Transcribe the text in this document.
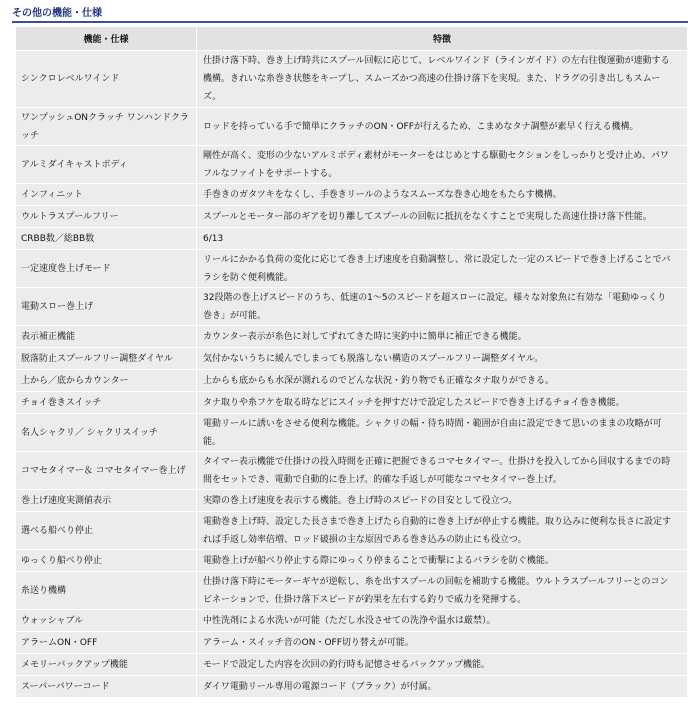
その他の機能・仕様
機能・仕様	特徴
シンクロレベルワインド	仕掛け落下時、巻き上げ時共にスプール回転に応じて、レベルワインド（ラインガイド）の左右往復運動が連動する機構。きれいな糸巻き状態をキープし、スムーズかつ高速の仕掛け落下を実現。また、ドラグの引き出しもスムーズ。
ワンプッシュONクラッチ ワンハンドクラッチ	ロッドを持っている手で簡単にクラッチのON・OFFが行えるため、こまめなタナ調整が素早く行える機構。
アルミダイキャストボディ	剛性が高く、変形の少ないアルミボディ素材がモーターをはじめとする駆動セクションをしっかりと受け止め、パワフルなファイトをサポートする。
インフィニット	手巻きのガタツキをなくし、手巻きリールのようなスムーズな巻き心地をもたらす機構。
ウルトラスプールフリー	スプールとモーター部のギアを切り離してスプールの回転に抵抗をなくすことで実現した高速仕掛け落下性能。
CRBB数／総BB数	6/13
一定速度巻上げモード	リールにかかる負荷の変化に応じて巻き上げ速度を自動調整し、常に設定した一定のスピードで巻き上げることでバラシを防ぐ便利機能。
電動スロー巻上げ	32段階の巻上げスピードのうち、低速の1〜5のスピードを超スローに設定。様々な対象魚に有効な「電動ゆっくり巻き」が可能。
表示補正機能	カウンター表示が糸色に対してずれてきた時に実釣中に簡単に補正できる機能。
脱落防止スプールフリー調整ダイヤル	気付かないうちに緩んでしまっても脱落しない構造のスプールフリー調整ダイヤル。
上から／底からカウンター	上からも底からも水深が測れるのでどんな状況・釣り物でも正確なタナ取りができる。
チョイ巻きスイッチ	タナ取りや糸フケを取る時などにスイッチを押すだけで設定したスピードで巻き上げるチョイ巻き機能。
名人シャクリ／ シャクリスイッチ	電動リールに誘いをさせる便利な機能。シャクリの幅・待ち時間・範囲が自由に設定できて思いのままの攻略が可能。
コマセタイマー＆ コマセタイマー巻上げ	タイマー表示機能で仕掛けの投入時間を正確に把握できるコマセタイマー。仕掛けを投入してから回収するまでの時間をセットでき、電動で自動的に巻上げ。的確な手返しが可能なコマセタイマー巻上げ。
巻上げ速度実測値表示	実際の巻上げ速度を表示する機能。巻上げ時のスピードの目安として役立つ。
選べる船べり停止	電動巻き上げ時、設定した長さまで巻き上げたら自動的に巻き上げが停止する機能。取り込みに便利な長さに設定すれば手返し効率倍増、ロッド破損の主な原因である巻き込みの防止にも役立つ。
ゆっくり船べり停止	電動巻上げが船べり停止する際にゆっくり停まることで衝撃によるバラシを防ぐ機能。
糸送り機構	仕掛け落下時にモーターギヤが逆転し、糸を出すスプールの回転を補助する機能。ウルトラスプールフリーとのコンビネーションで、仕掛け落下スピードが釣果を左右する釣りで威力を発揮する。
ウォッシャブル	中性洗剤による水洗いが可能（ただし水没させての洗浄や温水は厳禁）。
アラームON・OFF	アラーム・スイッチ音のON・OFF切り替えが可能。
メモリーバックアップ機能	モードで設定した内容を次回の釣行時も記憶させるバックアップ機能。
スーパーパワーコード	ダイワ電動リール専用の電源コード（ブラック）が付属。
